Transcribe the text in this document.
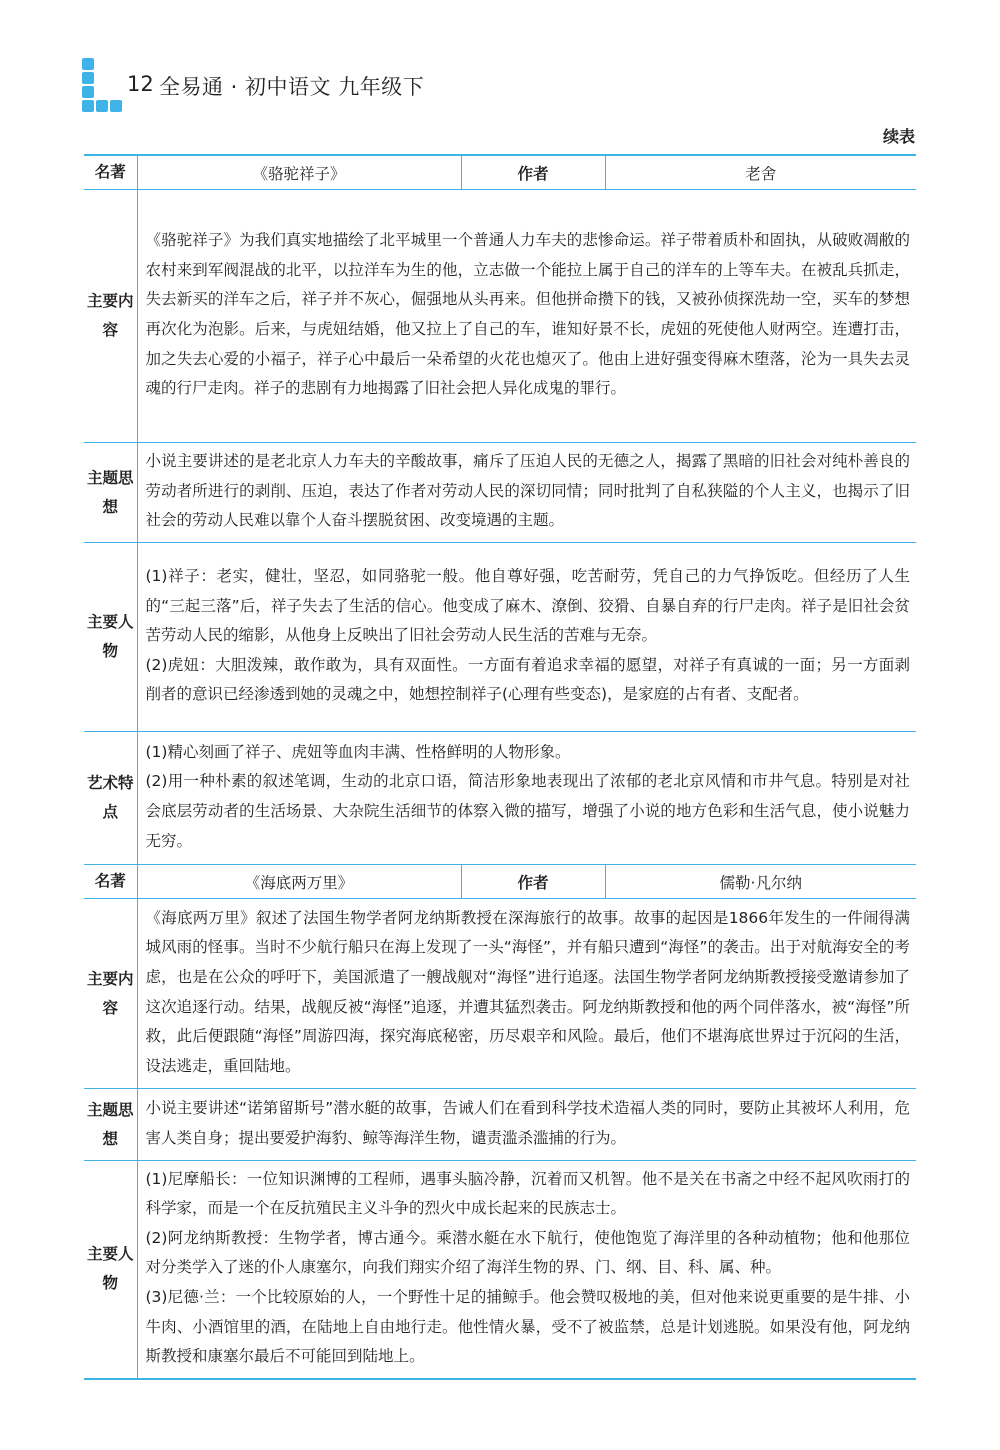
12 全易通 · 初中语文 九年级下
续表
名著	《骆驼祥子》	作者	老舍
主要内容	《骆驼祥子》为我们真实地描绘了北平城里一个普通人力车夫的悲惨命运。祥子带着质朴和固执，从破败凋敝的农村来到军阀混战的北平，以拉洋车为生的他，立志做一个能拉上属于自己的洋车的上等车夫。在被乱兵抓走，失去新买的洋车之后，祥子并不灰心，倔强地从头再来。但他拼命攒下的钱，又被孙侦探洗劫一空，买车的梦想再次化为泡影。后来，与虎妞结婚，他又拉上了自己的车，谁知好景不长，虎妞的死使他人财两空。连遭打击，加之失去心爱的小福子，祥子心中最后一朵希望的火花也熄灭了。他由上进好强变得麻木堕落，沦为一具失去灵魂的行尸走肉。祥子的悲剧有力地揭露了旧社会把人异化成鬼的罪行。		

主题思想	小说主要讲述的是老北京人力车夫的辛酸故事，痛斥了压迫人民的无德之人，揭露了黑暗的旧社会对纯朴善良的劳动者所进行的剥削、压迫，表达了作者对劳动人民的深切同情；同时批判了自私狭隘的个人主义，也揭示了旧社会的劳动人民难以靠个人奋斗摆脱贫困、改变境遇的主题。		

主要人物	(1)祥子：老实，健壮，坚忍，如同骆驼一般。他自尊好强，吃苦耐劳，凭自己的力气挣饭吃。但经历了人生的“三起三落”后，祥子失去了生活的信心。他变成了麻木、潦倒、狡猾、自暴自弃的行尸走肉。祥子是旧社会贫苦劳动人民的缩影，从他身上反映出了旧社会劳动人民生活的苦难与无奈。

(2)虎妞：大胆泼辣，敢作敢为，具有双面性。一方面有着追求幸福的愿望，对祥子有真诚的一面；另一方面剥削者的意识已经渗透到她的灵魂之中，她想控制祥子(心理有些变态)，是家庭的占有者、支配者。		

艺术特点	(1)精心刻画了祥子、虎妞等血肉丰满、性格鲜明的人物形象。

(2)用一种朴素的叙述笔调，生动的北京口语，简洁形象地表现出了浓郁的老北京风情和市井气息。特别是对社会底层劳动者的生活场景、大杂院生活细节的体察入微的描写，增强了小说的地方色彩和生活气息，使小说魅力无穷。		

名著	《海底两万里》	作者	儒勒·凡尔纳
主要内容	《海底两万里》叙述了法国生物学者阿龙纳斯教授在深海旅行的故事。故事的起因是1866年发生的一件闹得满城风雨的怪事。当时不少航行船只在海上发现了一头“海怪”，并有船只遭到“海怪”的袭击。出于对航海安全的考虑，也是在公众的呼吁下，美国派遣了一艘战舰对“海怪”进行追逐。法国生物学者阿龙纳斯教授接受邀请参加了这次追逐行动。结果，战舰反被“海怪”追逐，并遭其猛烈袭击。阿龙纳斯教授和他的两个同伴落水，被“海怪”所救，此后便跟随“海怪”周游四海，探究海底秘密，历尽艰辛和风险。最后，他们不堪海底世界过于沉闷的生活，设法逃走，重回陆地。		

主题思想	小说主要讲述“诺第留斯号”潜水艇的故事，告诫人们在看到科学技术造福人类的同时，要防止其被坏人利用，危害人类自身；提出要爱护海豹、鲸等海洋生物，谴责滥杀滥捕的行为。		

主要人物	(1)尼摩船长：一位知识渊博的工程师，遇事头脑冷静，沉着而又机智。他不是关在书斋之中经不起风吹雨打的科学家，而是一个在反抗殖民主义斗争的烈火中成长起来的民族志士。

(2)阿龙纳斯教授：生物学者，博古通今。乘潜水艇在水下航行，使他饱览了海洋里的各种动植物；他和他那位对分类学入了迷的仆人康塞尔，向我们翔实介绍了海洋生物的界、门、纲、目、科、属、种。

(3)尼德·兰：一个比较原始的人，一个野性十足的捕鲸手。他会赞叹极地的美，但对他来说更重要的是牛排、小牛肉、小酒馆里的酒，在陆地上自由地行走。他性情火暴，受不了被监禁，总是计划逃脱。如果没有他，阿龙纳斯教授和康塞尔最后不可能回到陆地上。		
